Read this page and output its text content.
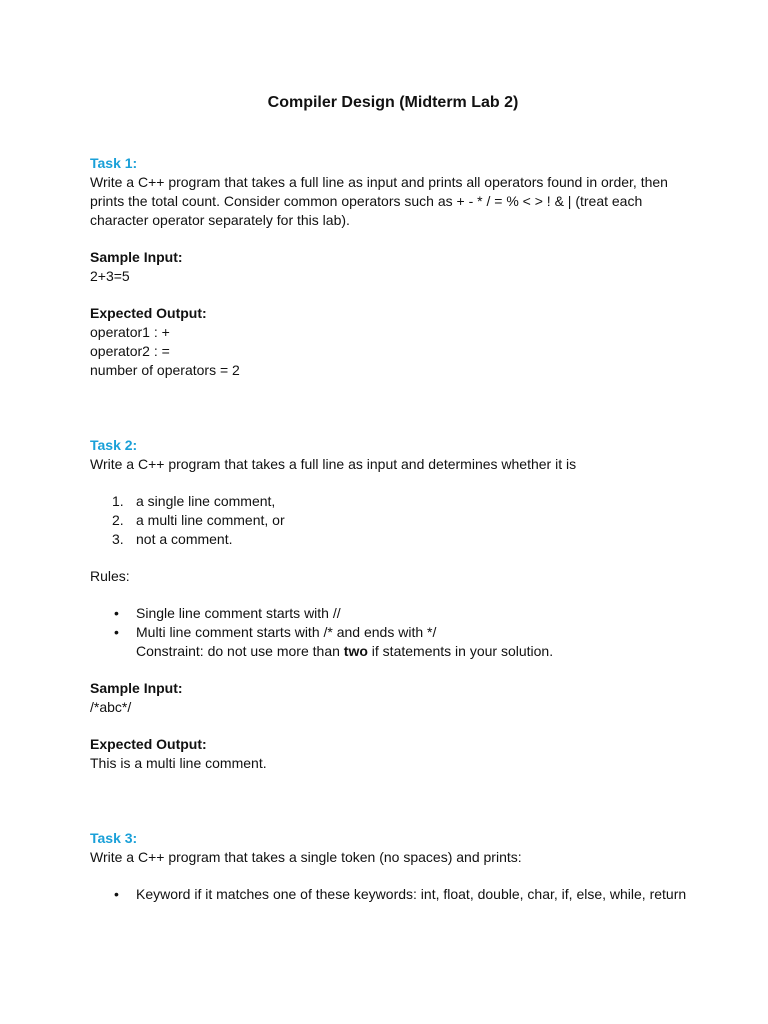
Compiler Design (Midterm Lab 2)

Task 1:

Write a C++ program that takes a full line as input and prints all operators found in order, then prints the total count. Consider common operators such as + - * / = % < > ! & | (treat each character operator separately for this lab).

Sample Input:

2+3=5

Expected Output:

operator1 : +

operator2 : =

number of operators = 2

Task 2:

Write a C++ program that takes a full line as input and determines whether it is

1. a single line comment,
2. a multi line comment, or
3. not a comment.

Rules:

• Single line comment starts with //
• Multi line comment starts with /* and ends with */
Constraint: do not use more than two if statements in your solution.

Sample Input:

/*abc*/

Expected Output:

This is a multi line comment.

Task 3:

Write a C++ program that takes a single token (no spaces) and prints:

• Keyword if it matches one of these keywords: int, float, double, char, if, else, while, return
